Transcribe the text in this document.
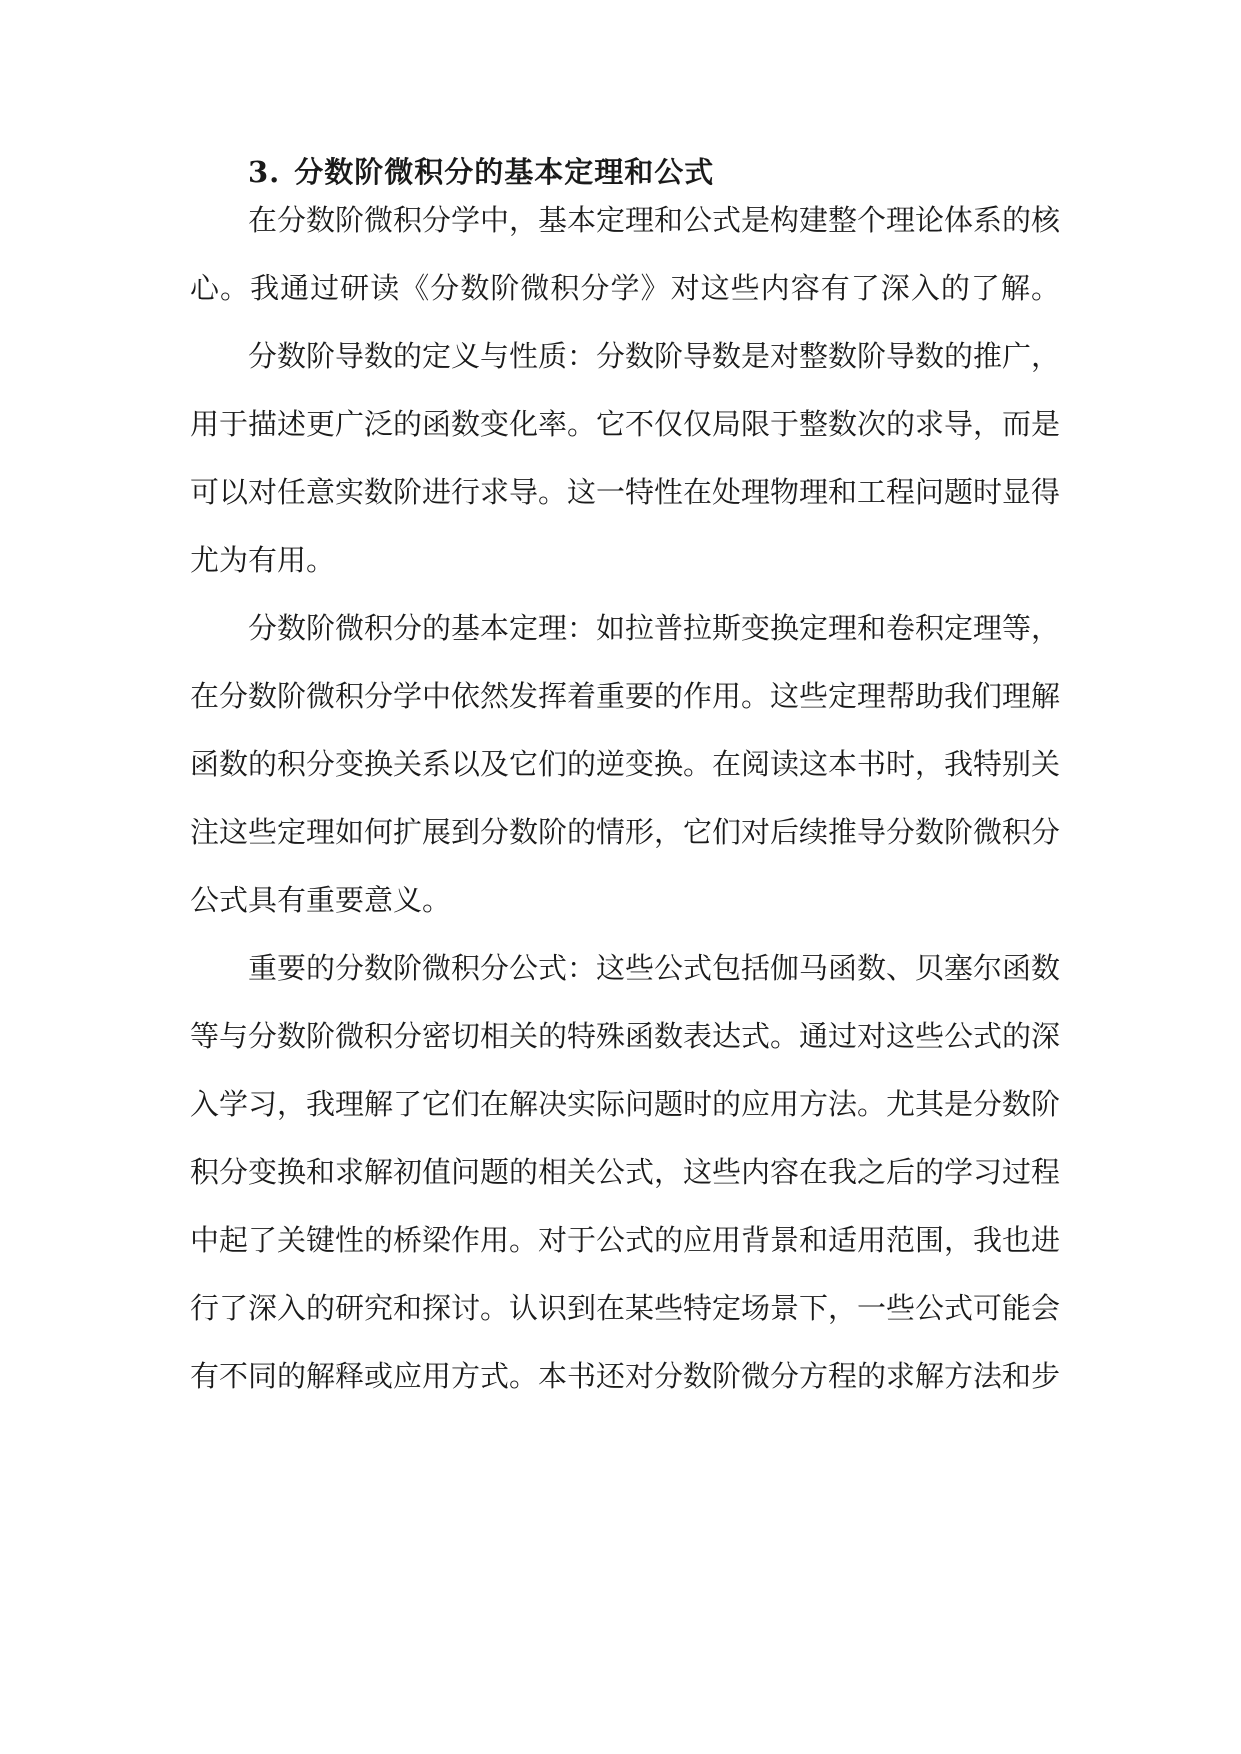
3. 分数阶微积分的基本定理和公式
在分数阶微积分学中，基本定理和公式是构建整个理论体系的核
心。我通过研读《分数阶微积分学》对这些内容有了深入的了解。
分数阶导数的定义与性质：分数阶导数是对整数阶导数的推广，
用于描述更广泛的函数变化率。它不仅仅局限于整数次的求导，而是
可以对任意实数阶进行求导。这一特性在处理物理和工程问题时显得
尤为有用。
分数阶微积分的基本定理：如拉普拉斯变换定理和卷积定理等，
在分数阶微积分学中依然发挥着重要的作用。这些定理帮助我们理解
函数的积分变换关系以及它们的逆变换。在阅读这本书时，我特别关
注这些定理如何扩展到分数阶的情形，它们对后续推导分数阶微积分
公式具有重要意义。
重要的分数阶微积分公式：这些公式包括伽马函数、贝塞尔函数
等与分数阶微积分密切相关的特殊函数表达式。通过对这些公式的深
入学习，我理解了它们在解决实际问题时的应用方法。尤其是分数阶
积分变换和求解初值问题的相关公式，这些内容在我之后的学习过程
中起了关键性的桥梁作用。对于公式的应用背景和适用范围，我也进
行了深入的研究和探讨。认识到在某些特定场景下，一些公式可能会
有不同的解释或应用方式。本书还对分数阶微分方程的求解方法和步
